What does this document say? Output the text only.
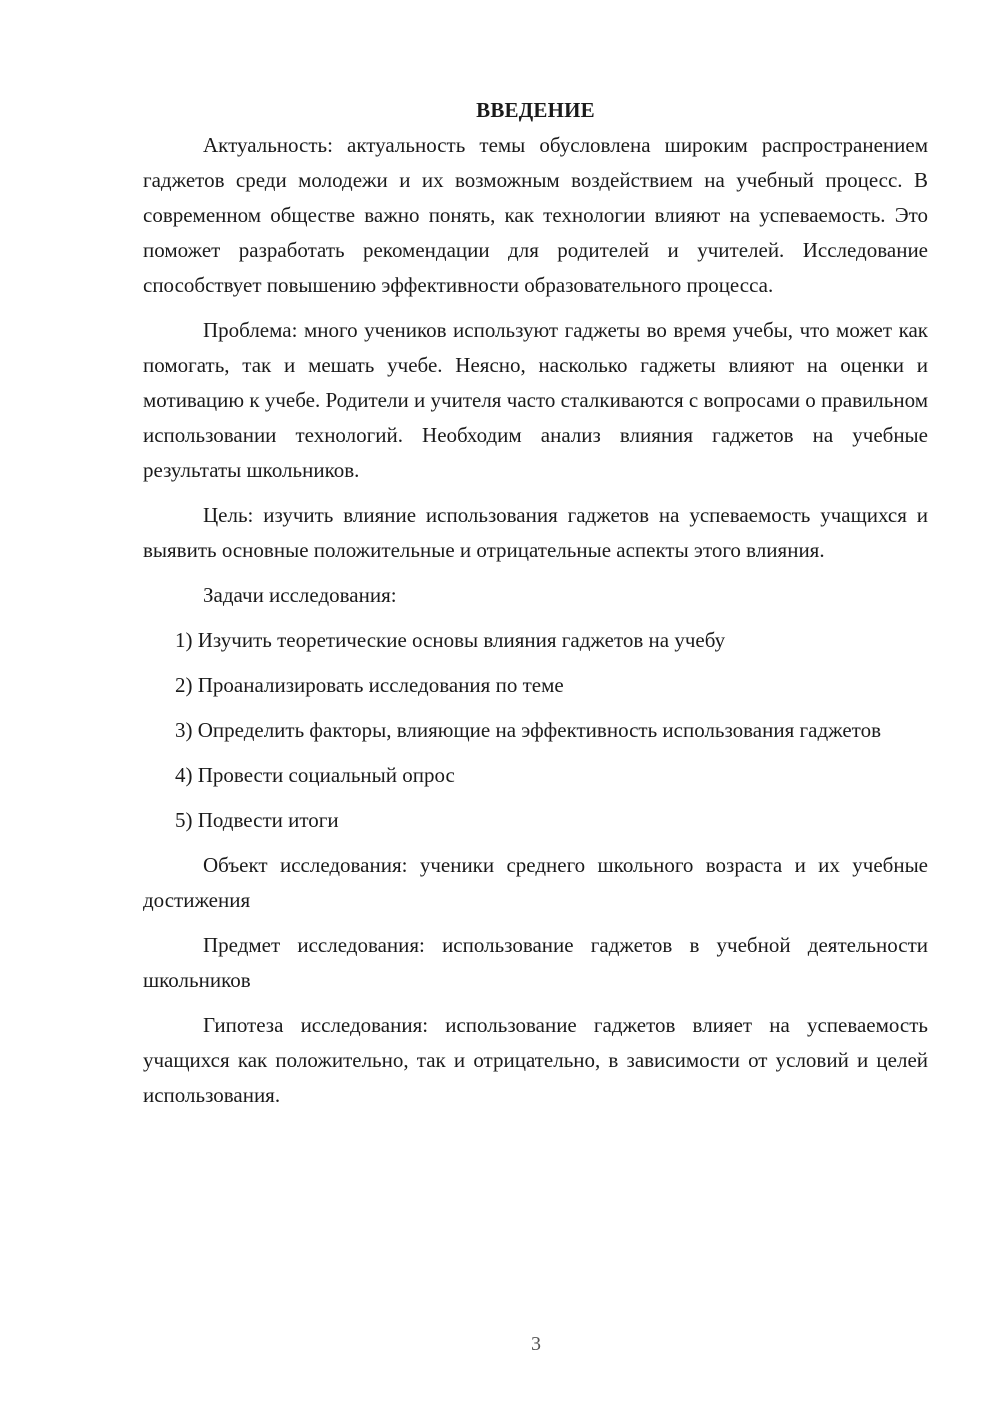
ВВЕДЕНИЕ

Актуальность: актуальность темы обусловлена широким распространением гаджетов среди молодежи и их возможным воздействием на учебный процесс. В современном обществе важно понять, как технологии влияют на успеваемость. Это поможет разработать рекомендации для родителей и учителей. Исследование способствует повышению эффективности образовательного процесса.

Проблема: много учеников используют гаджеты во время учебы, что может как помогать, так и мешать учебе. Неясно, насколько гаджеты влияют на оценки и мотивацию к учебе. Родители и учителя часто сталкиваются с вопросами о правильном использовании технологий. Необходим анализ влияния гаджетов на учебные результаты школьников.

Цель: изучить влияние использования гаджетов на успеваемость учащихся и выявить основные положительные и отрицательные аспекты этого влияния.

Задачи исследования:

1) Изучить теоретические основы влияния гаджетов на учебу

2) Проанализировать исследования по теме

3) Определить факторы, влияющие на эффективность использования гаджетов

4) Провести социальный опрос

5) Подвести итоги

Объект исследования: ученики среднего школьного возраста и их учебные достижения

Предмет исследования: использование гаджетов в учебной деятельности школьников

Гипотеза исследования: использование гаджетов влияет на успеваемость учащихся как положительно, так и отрицательно, в зависимости от условий и целей использования.

3
